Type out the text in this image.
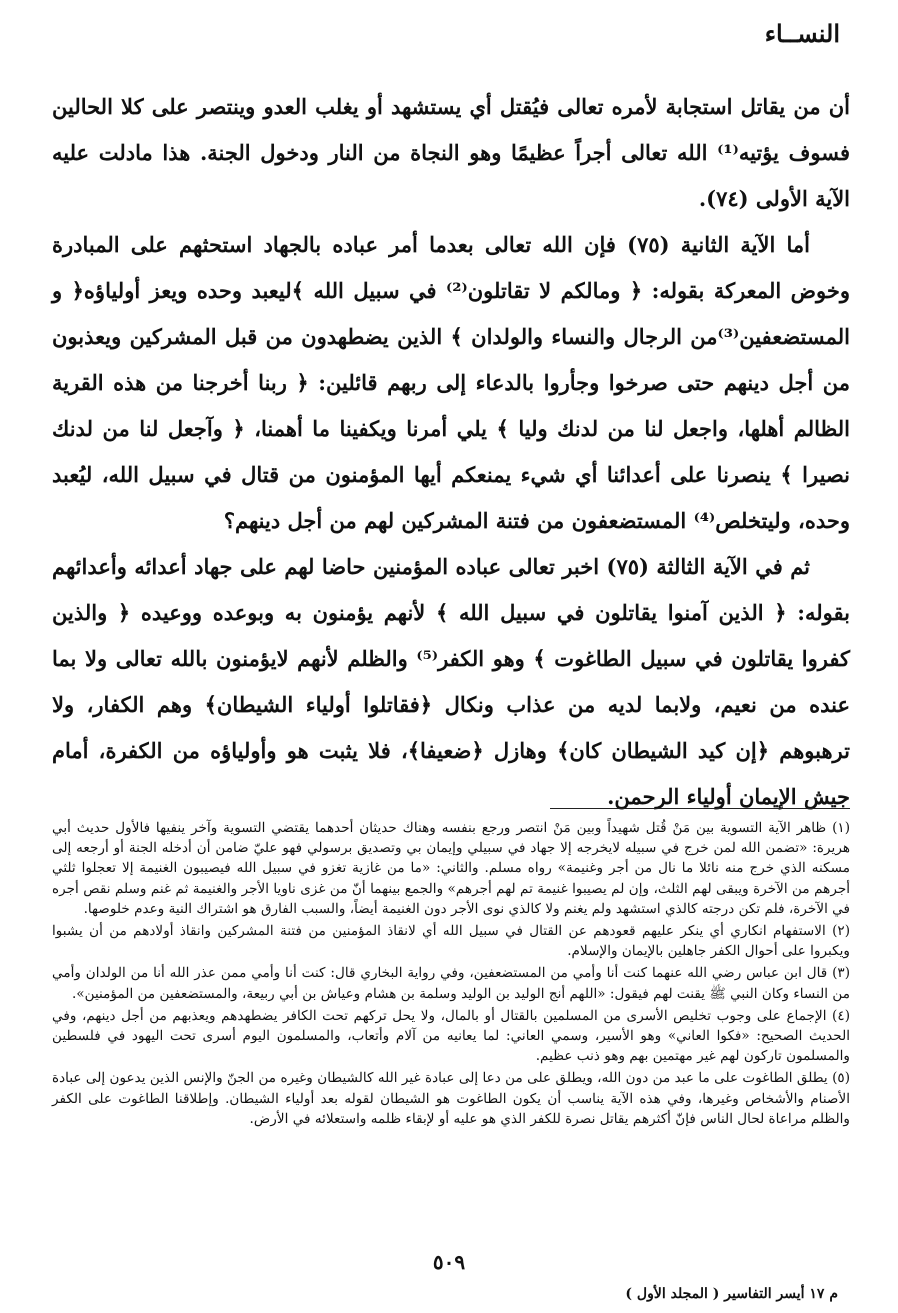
النســاء

أن من يقاتل استجابة لأمره تعالى فيُقتل أي يستشهد أو يغلب العدو وينتصر على كلا الحالين فسوف يؤتيه⁽¹⁾ الله تعالى أجراً عظيمًا وهو النجاة من النار ودخول الجنة. هذا مادلت عليه الآية الأولى (٧٤).

أما الآية الثانية (٧٥) فإن الله تعالى بعدما أمر عباده بالجهاد استحثهم على المبادرة وخوض المعركة بقوله: ﴿ ومالكم لا تقاتلون⁽²⁾ في سبيل الله ﴾ليعبد وحده ويعز أولياؤه﴿ و المستضعفين⁽³⁾من الرجال والنساء والولدان ﴾ الذين يضطهدون من قبل المشركين ويعذبون من أجل دينهم حتى صرخوا وجأروا بالدعاء إلى ربهم قائلين: ﴿ ربنا أخرجنا من هذه القرية الظالم أهلها، واجعل لنا من لدنك وليا ﴾ يلي أمرنا ويكفينا ما أهمنا، ﴿ وآجعل لنا من لدنك نصيرا ﴾ ينصرنا على أعدائنا أي شيء يمنعكم أيها المؤمنون من قتال في سبيل الله، ليُعبد وحده، وليتخلص⁽⁴⁾ المستضعفون من فتنة المشركين لهم من أجل دينهم؟

ثم في الآية الثالثة (٧٥) اخبر تعالى عباده المؤمنين حاضا لهم على جهاد أعدائه وأعدائهم بقوله: ﴿ الذين آمنوا يقاتلون في سبيل الله ﴾ لأنهم يؤمنون به وبوعده ووعيده ﴿ والذين كفروا يقاتلون في سبيل الطاغوت ﴾ وهو الكفر⁽⁵⁾ والظلم لأنهم لايؤمنون بالله تعالى ولا بما عنده من نعيم، ولابما لديه من عذاب ونكال ﴿فقاتلوا أولياء الشيطان﴾ وهم الكفار، ولا ترهبوهم ﴿إن كيد الشيطان كان﴾ وهازل ﴿ضعيفا﴾، فلا يثبت هو وأولياؤه من الكفرة، أمام جيش الإيمان أولياء الرحمن.

(١) ظاهر الآية التسوية بين مَنْ قُتل شهيداً وبين مَنْ انتصر ورجع بنفسه وهناك حديثان أحدهما يقتضي التسوية وآخر ينفيها فالأول حديث أبي هريرة: «تضمن الله لمن خرج في سبيله لايخرجه إلا جهاد في سبيلي وإيمان بي وتصديق برسولي فهو عليّ ضامن أن أدخله الجنة أو أرجعه إلى مسكنه الذي خرج منه نائلا ما نال من أجر وغنيمة» رواه مسلم. والثاني: «ما من غازية تغزو في سبيل الله فيصيبون الغنيمة إلا تعجلوا ثلثي أجرهم من الآخرة ويبقى لهم الثلث، وإن لم يصيبوا غنيمة تم لهم أجرهم» والجمع بينهما أنّ من غزى ناويا الأجر والغنيمة ثم غنم وسلم نقص أجره في الآخرة، فلم تكن درجته كالذي استشهد ولم يغنم ولا كالذي نوى الأجر دون الغنيمة أيضاً، والسبب الفارق هو اشتراك النية وعدم خلوصها.

(٢) الاستفهام انكاري أي ينكر عليهم قعودهم عن القتال في سبيل الله أي لانقاذ المؤمنين من فتنة المشركين وانقاذ أولادهم من أن يشبوا ويكبروا على أحوال الكفر جاهلين بالإيمان والإسلام.

(٣) قال ابن عباس رضي الله عنهما كنت أنا وأمي من المستضعفين، وفي رواية البخاري قال: كنت أنا وأمي ممن عذر الله أنا من الولدان وأمي من النساء وكان النبي ﷺ يقنت لهم فيقول: «اللهم أنج الوليد بن الوليد وسلمة بن هشام وعياش بن أبي ربيعة، والمستضعفين من المؤمنين».

(٤) الإجماع على وجوب تخليص الأسرى من المسلمين بالقتال أو بالمال، ولا يحل تركهم تحت الكافر يضطهدهم ويعذبهم من أجل دينهم، وفي الحديث الصحيح: «فكوا العاني» وهو الأسير، وسمي العاني: لما يعانيه من آلام وأتعاب، والمسلمون اليوم أسرى تحت اليهود في فلسطين والمسلمون تاركون لهم غير مهتمين بهم وهو ذنب عظيم.

(٥) يطلق الطاغوت على ما عبد من دون الله، ويطلق على من دعا إلى عبادة غير الله كالشيطان وغيره من الجنّ والإنس الذين يدعون إلى عبادة الأصنام والأشخاص وغيرها، وفي هذه الآية يناسب أن يكون الطاغوت هو الشيطان لقوله بعد أولياء الشيطان. وإطلاقنا الطاغوت على الكفر والظلم مراعاة لحال الناس فإنّ أكثرهم يقاتل نصرة للكفر الذي هو عليه أو لإبقاء ظلمه واستعلائه في الأرض.

٥٠٩
م ١٧ أيسر التفاسير ( المجلد الأول )
